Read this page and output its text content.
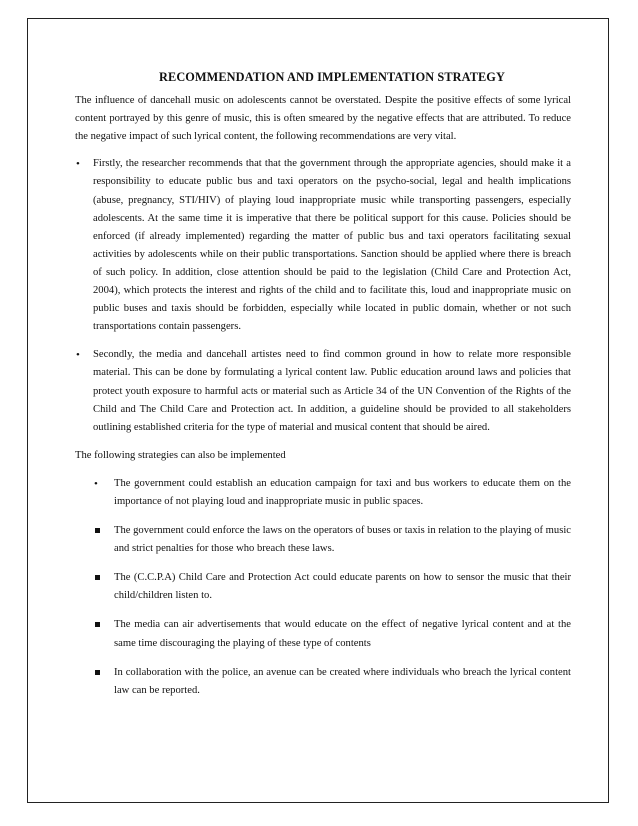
RECOMMENDATION AND IMPLEMENTATION STRATEGY

The influence of dancehall music on adolescents cannot be overstated. Despite the positive effects of some lyrical content portrayed by this genre of music, this is often smeared by the negative effects that are attributed. To reduce the negative impact of such lyrical content, the following recommendations are very vital.

• Firstly, the researcher recommends that that the government through the appropriate agencies, should make it a responsibility to educate public bus and taxi operators on the psycho-social, legal and health implications (abuse, pregnancy, STI/HIV) of playing loud inappropriate music while transporting passengers, especially adolescents. At the same time it is imperative that there be political support for this cause. Policies should be enforced (if already implemented) regarding the matter of public bus and taxi operators facilitating sexual activities by adolescents while on their public transportations. Sanction should be applied where there is breach of such policy. In addition, close attention should be paid to the legislation (Child Care and Protection Act, 2004), which protects the interest and rights of the child and to facilitate this, loud and inappropriate music on public buses and taxis should be forbidden, especially while located in public domain, whether or not such transportations contain passengers.
• Secondly, the media and dancehall artistes need to find common ground in how to relate more responsible material. This can be done by formulating a lyrical content law. Public education around laws and policies that protect youth exposure to harmful acts or material such as Article 34 of the UN Convention of the Rights of the Child and The Child Care and Protection act. In addition, a guideline should be provided to all stakeholders outlining established criteria for the type of material and musical content that should be aired.

The following strategies can also be implemented

• The government could establish an education campaign for taxi and bus workers to educate them on the importance of not playing loud and inappropriate music in public spaces.
The government could enforce the laws on the operators of buses or taxis in relation to the playing of music and strict penalties for those who breach these laws.
The (C.C.P.A) Child Care and Protection Act could educate parents on how to sensor the music that their child/children listen to.
The media can air advertisements that would educate on the effect of negative lyrical content and at the same time discouraging the playing of these type of contents
In collaboration with the police, an avenue can be created where individuals who breach the lyrical content law can be reported.
